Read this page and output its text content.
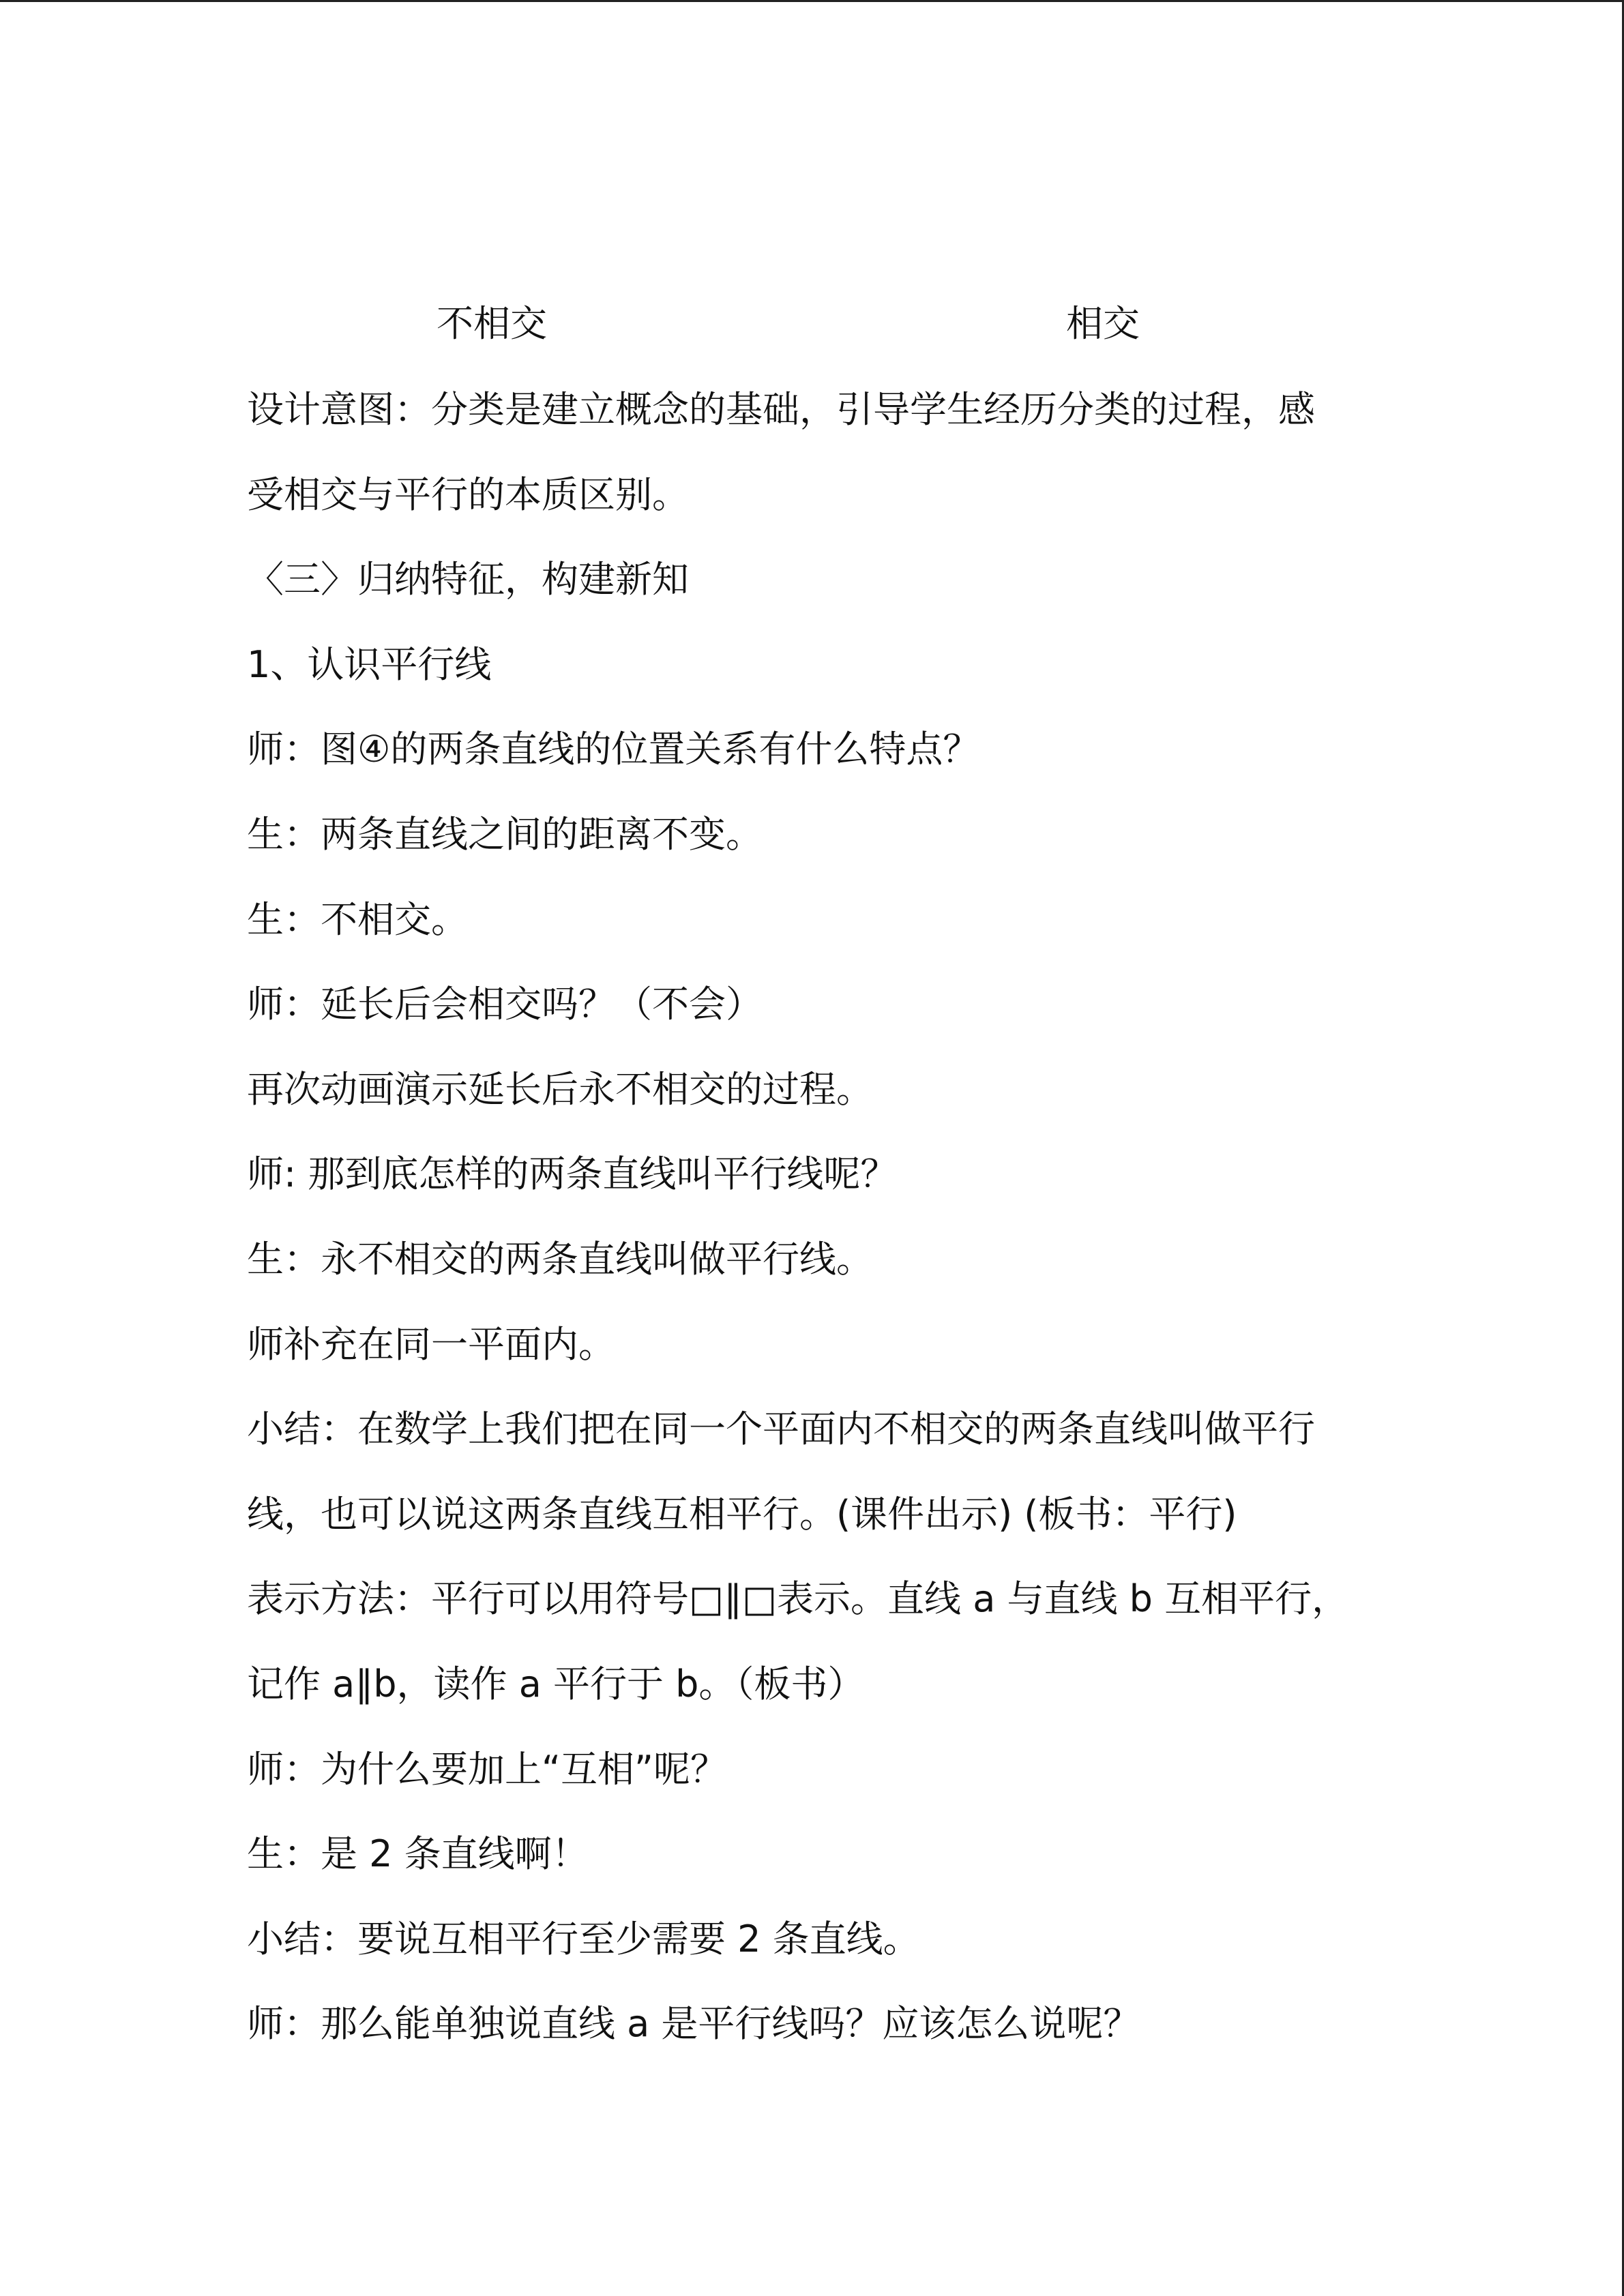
不相交	相交
设计意图：分类是建立概念的基础，引导学生经历分类的过程，感
受相交与平行的本质区别。
〈三〉归纳特征，构建新知
1、认识平行线
师：图④的两条直线的位置关系有什么特点？
生：两条直线之间的距离不变。
生：不相交。
师：延长后会相交吗？（不会）
再次动画演示延长后永不相交的过程。
师: 那到底怎样的两条直线叫平行线呢？
生：永不相交的两条直线叫做平行线。
师补充在同一平面内。
小结：在数学上我们把在同一个平面内不相交的两条直线叫做平行
线，也可以说这两条直线互相平行。(课件出示) (板书：平行)
表示方法：平行可以用符号□∥□表示。直线 a 与直线 b 互相平行，
记作 a∥b，读作 a 平行于 b。（板书）
师：为什么要加上“互相”呢？
生：是 2 条直线啊！
小结：要说互相平行至少需要 2 条直线。
师：那么能单独说直线 a 是平行线吗？应该怎么说呢？
